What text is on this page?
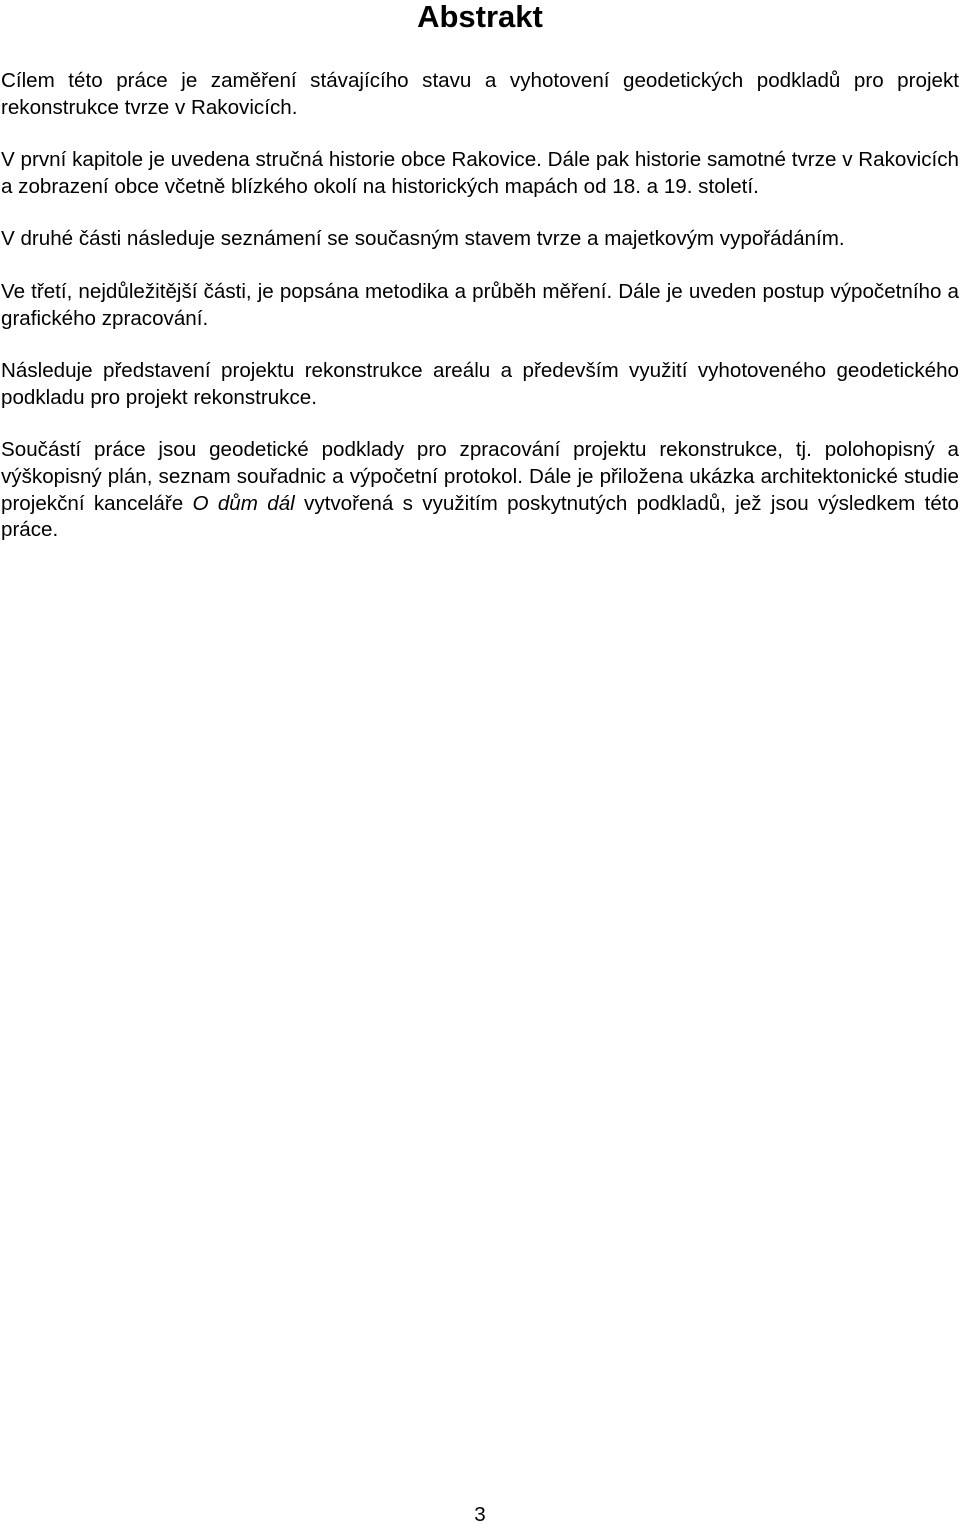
Abstrakt

Cílem této práce je zaměření stávajícího stavu a vyhotovení geodetických podkladů pro projekt rekonstrukce tvrze v Rakovicích.

V první kapitole je uvedena stručná historie obce Rakovice. Dále pak historie samotné tvrze v Rakovicích a zobrazení obce včetně blízkého okolí na historických mapách od 18. a 19. století.

V druhé části následuje seznámení se současným stavem tvrze a majetkovým vypořádáním.

Ve třetí, nejdůležitější části, je popsána metodika a průběh měření. Dále je uveden postup výpočetního a grafického zpracování.

Následuje představení projektu rekonstrukce areálu a především využití vyhotoveného geodetického podkladu pro projekt rekonstrukce.

Součástí práce jsou geodetické podklady pro zpracování projektu rekonstrukce, tj. polohopisný a výškopisný plán, seznam souřadnic a výpočetní protokol. Dále je přiložena ukázka architektonické studie projekční kanceláře O dům dál vytvořená s využitím poskytnutých podkladů, jež jsou výsledkem této práce.

3
